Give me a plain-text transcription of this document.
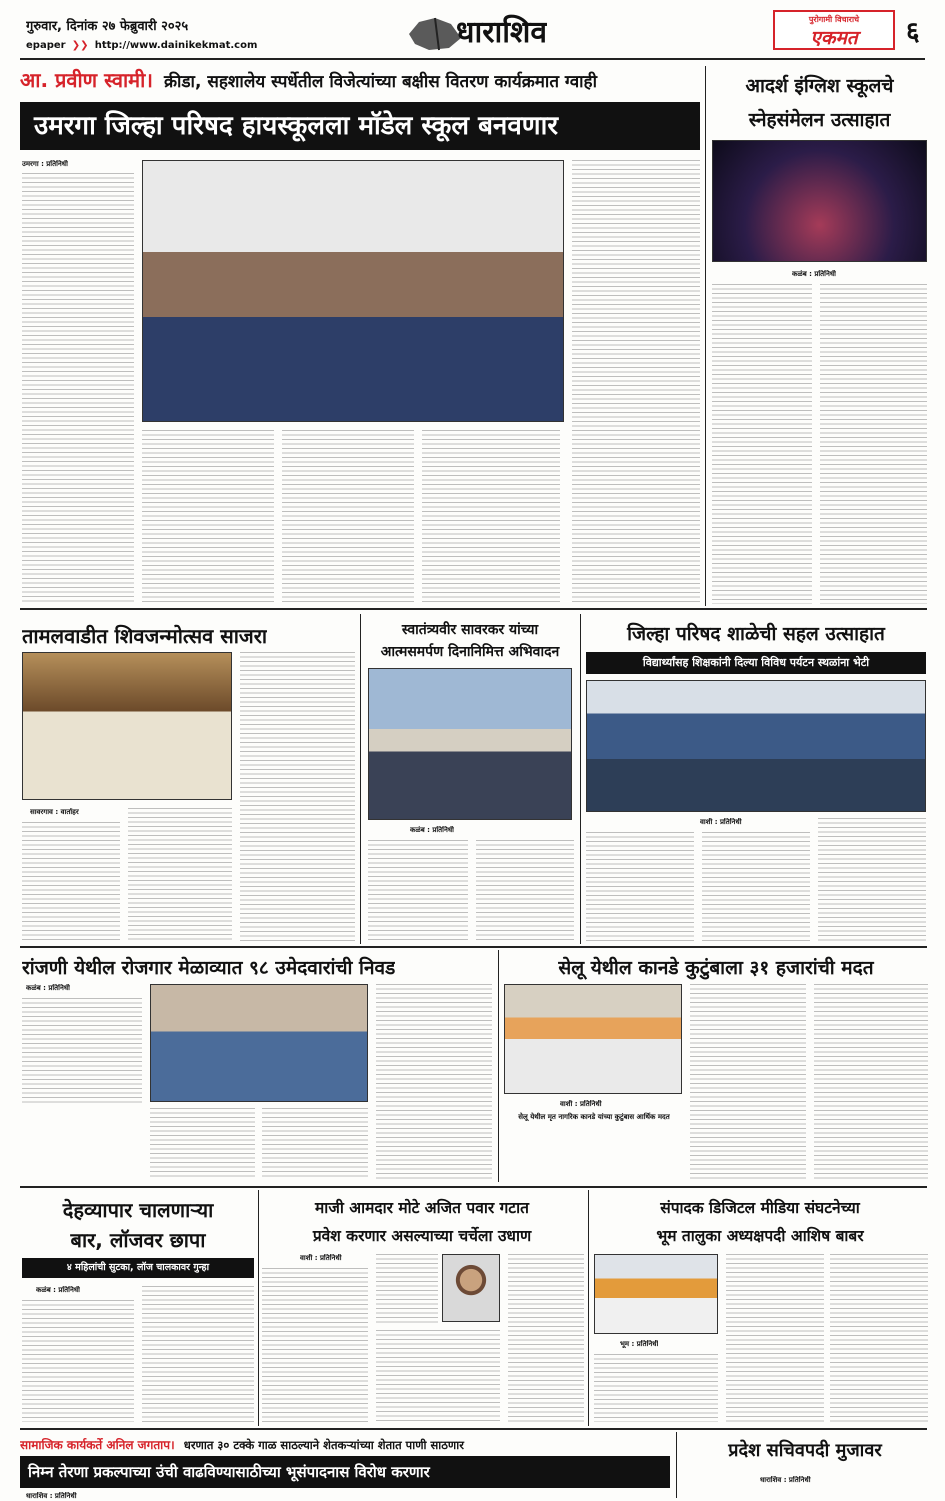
गुरुवार, दिनांक २७ फेब्रुवारी २०२५
epaper ❯❯ http://www.dainikekmat.com	धाराशिव	पुरोगामी विचाराचे
एकमत	६
आ. प्रवीण स्वामी। क्रीडा, सहशालेय स्पर्धेतील विजेत्यांच्या बक्षीस वितरण कार्यक्रमात ग्वाही
उमरगा जिल्हा परिषद हायस्कूलला मॉडेल स्कूल बनवणार
उमरगा : प्रतिनिधी
आदर्श इंग्लिश स्कूलचे
स्नेहसंमेलन उत्साहात
कळंब : प्रतिनिधी
तामलवाडीत शिवजन्मोत्सव साजरा
सावरगाव : वार्ताहर
स्वातंत्र्यवीर सावरकर यांच्या
आत्मसमर्पण दिनानिमित्त अभिवादन
कळंब : प्रतिनिधी
जिल्हा परिषद शाळेची सहल उत्साहात
विद्यार्थ्यांसह शिक्षकांनी दिल्या विविध पर्यटन स्थळांना भेटी
वाशी : प्रतिनिधी
रांजणी येथील रोजगार मेळाव्यात ९८ उमेदवारांची निवड
कळंब : प्रतिनिधी
सेलू येथील कानडे कुटुंबाला ३१ हजारांची मदत
वाशी : प्रतिनिधी
सेलू येथील मृत नागरिक कानडे यांच्या कुटुंबास आर्थिक मदत
देहव्यापार चालणाऱ्या
बार, लॉजवर छापा
४ महिलांची सुटका, लॉज चालकावर गुन्हा
कळंब : प्रतिनिधी
माजी आमदार मोटे अजित पवार गटात
प्रवेश करणार असल्याच्या चर्चेला उधाण
वाशी : प्रतिनिधी
संपादक डिजिटल मीडिया संघटनेच्या
भूम तालुका अध्यक्षपदी आशिष बाबर
भूम : प्रतिनिधी
सामाजिक कार्यकर्ते अनिल जगताप। धरणात ३० टक्के गाळ साठल्याने शेतकऱ्यांच्या शेतात पाणी साठणार
निम्न तेरणा प्रकल्पाच्या उंची वाढविण्यासाठीच्या भूसंपादनास विरोध करणार
धाराशिव : प्रतिनिधी
प्रदेश सचिवपदी मुजावर
धाराशिव : प्रतिनिधी
